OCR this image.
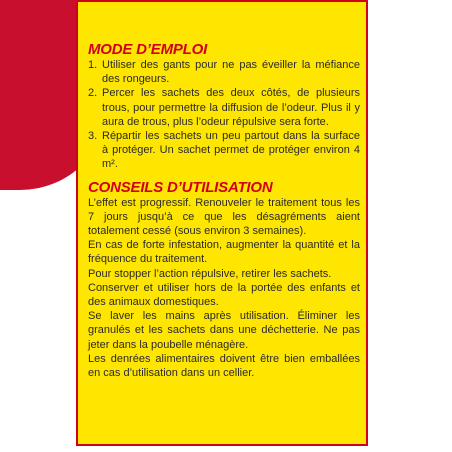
MODE D’EMPLOI
1. Utiliser des gants pour ne pas éveiller la méfiance des rongeurs.
2. Percer les sachets des deux côtés, de plusieurs trous, pour permettre la diffusion de l’odeur. Plus il y aura de trous, plus l’odeur répulsive sera forte.
3. Répartir les sachets un peu partout dans la surface à protéger. Un sachet permet de protéger environ 4 m².
CONSEILS D’UTILISATION

L’effet est progressif. Renouveler le traitement tous les 7 jours jusqu’à ce que les désagréments aient totalement cessé (sous environ 3 semaines).

En cas de forte infestation, augmenter la quantité et la fréquence du traitement.

Pour stopper l’action répulsive, retirer les sachets.

Conserver et utiliser hors de la portée des enfants et des animaux domestiques.

Se laver les mains après utilisation. Éliminer les granulés et les sachets dans une déchetterie. Ne pas jeter dans la poubelle ménagère.

Les denrées alimentaires doivent être bien emballées en cas d’utilisation dans un cellier.
